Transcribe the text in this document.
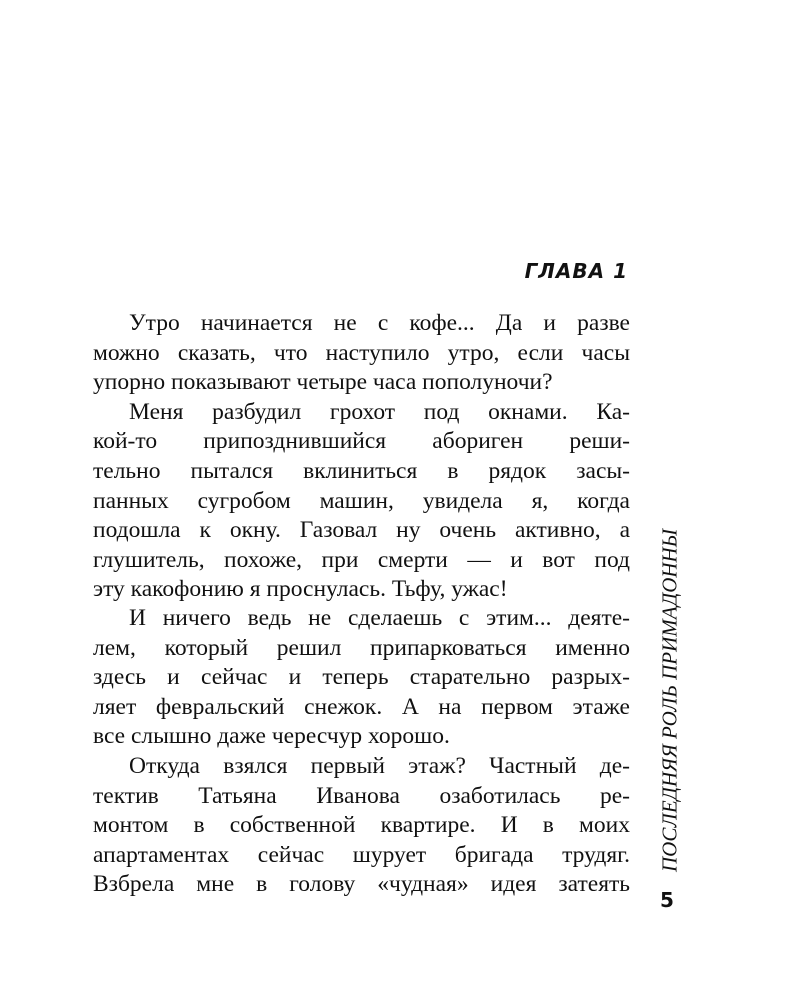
ГЛАВА 1
Утро начинается не с кофе... Да и разве
можно сказать, что наступило утро, если часы
упорно показывают четыре часа пополуночи?
Меня разбудил грохот под окнами. Ка-
кой-то припозднившийся абориген реши-
тельно пытался вклиниться в рядок засы-
панных сугробом машин, увидела я, когда
подошла к окну. Газовал ну очень активно, а
глушитель, похоже, при смерти — и вот под
эту какофонию я проснулась. Тьфу, ужас!
И ничего ведь не сделаешь с этим... деяте-
лем, который решил припарковаться именно
здесь и сейчас и теперь старательно разрых-
ляет февральский снежок. А на первом этаже
все слышно даже чересчур хорошо.
Откуда взялся первый этаж? Частный де-
тектив Татьяна Иванова озаботилась ре-
монтом в собственной квартире. И в моих
апартаментах сейчас шурует бригада трудяг.
Взбрела мне в голову «чудная» идея затеять
ПОСЛЕДНЯЯ РОЛЬ ПРИМАДОННЫ
5
